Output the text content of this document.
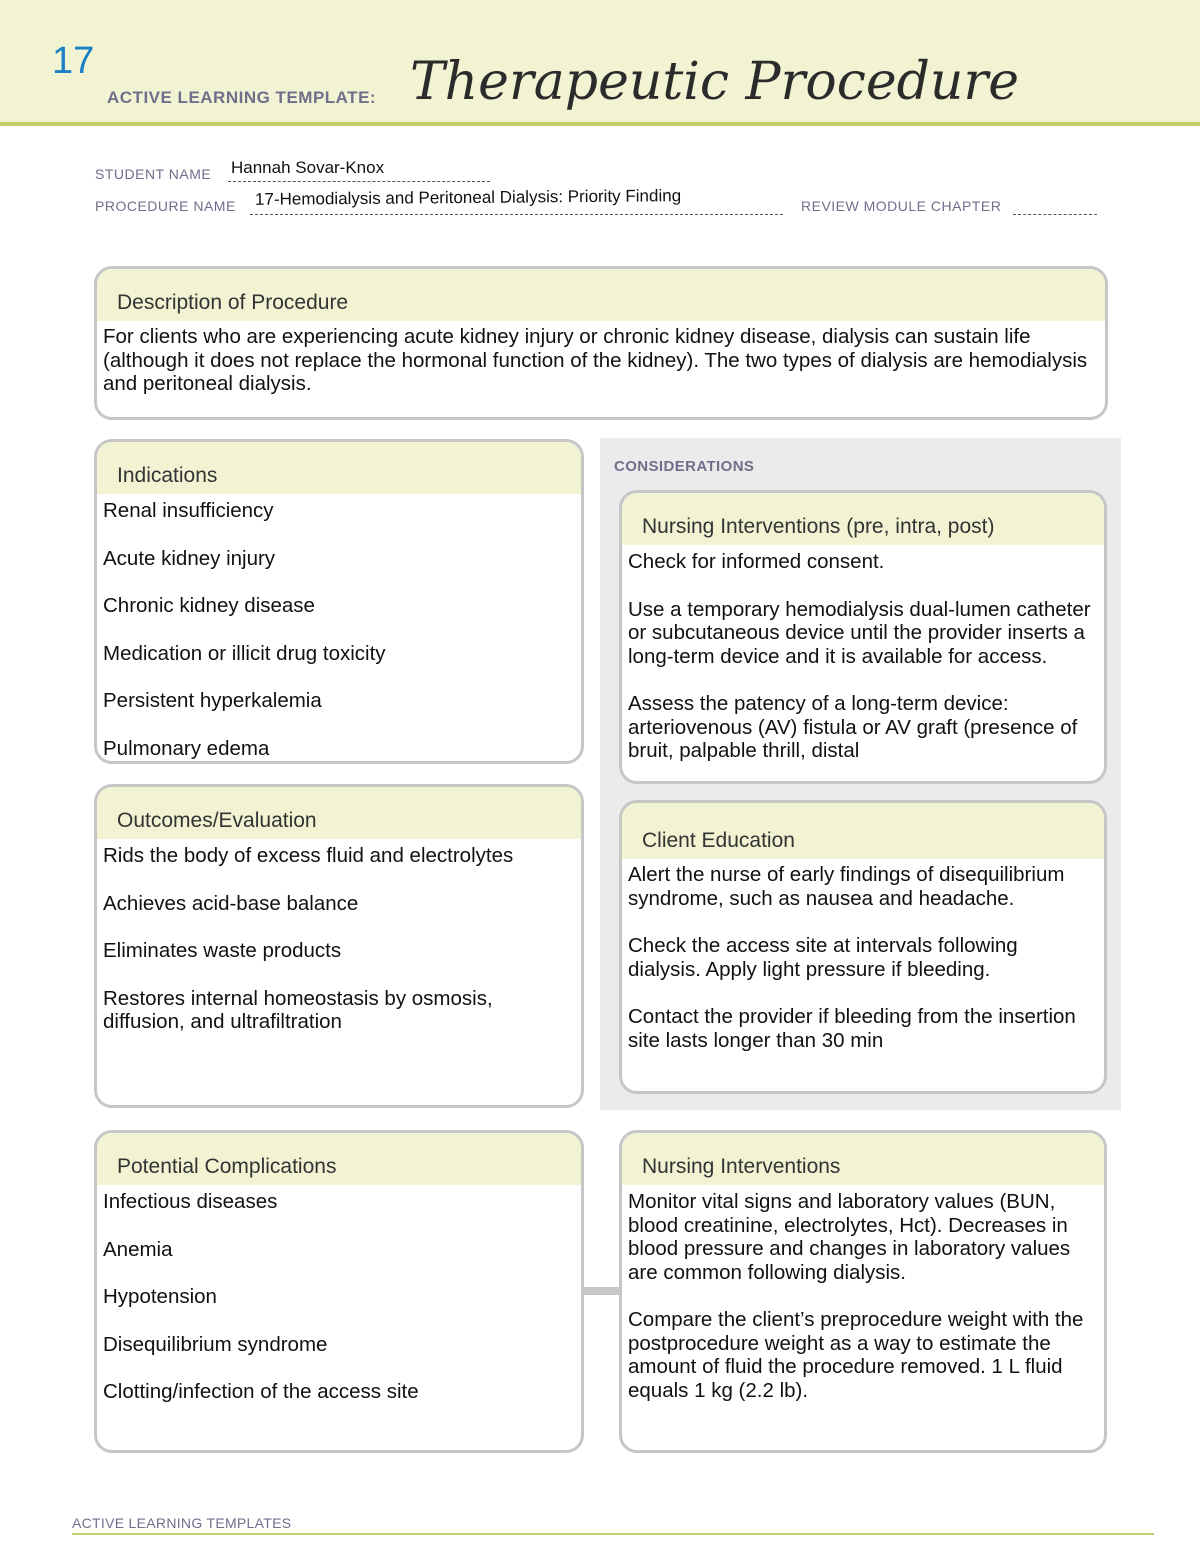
17
ACTIVE LEARNING TEMPLATE: Therapeutic Procedure
STUDENT NAME Hannah Sovar-Knox
PROCEDURE NAME 17-Hemodialysis and Peritoneal Dialysis: Priority Finding	REVIEW MODULE CHAPTER
Description of Procedure
For clients who are experiencing acute kidney injury or chronic kidney disease, dialysis can sustain life (although it does not replace the hormonal function of the kidney). The two types of dialysis are hemodialysis and peritoneal dialysis.
Indications

Renal insufficiency

Acute kidney injury

Chronic kidney disease

Medication or illicit drug toxicity

Persistent hyperkalemia

Pulmonary edema

CONSIDERATIONS
Nursing Interventions (pre, intra, post)

Check for informed consent.

Use a temporary hemodialysis dual-lumen catheter or subcutaneous device until the provider inserts a long-term device and it is available for access.

Assess the patency of a long-term device: arteriovenous (AV) fistula or AV graft (presence of bruit, palpable thrill, distal

Outcomes/Evaluation

Rids the body of excess fluid and electrolytes

Achieves acid-base balance

Eliminates waste products

Restores internal homeostasis by osmosis, diffusion, and ultrafiltration

Client Education

Alert the nurse of early findings of disequilibrium syndrome, such as nausea and headache.

Check the access site at intervals following dialysis. Apply light pressure if bleeding.

Contact the provider if bleeding from the insertion site lasts longer than 30 min

Potential Complications

Infectious diseases

Anemia

Hypotension

Disequilibrium syndrome

Clotting/infection of the access site

Nursing Interventions

Monitor vital signs and laboratory values (BUN, blood creatinine, electrolytes, Hct). Decreases in blood pressure and changes in laboratory values are common following dialysis.

Compare the client’s preprocedure weight with the postprocedure weight as a way to estimate the amount of fluid the procedure removed. 1 L fluid equals 1 kg (2.2 lb).

ACTIVE LEARNING TEMPLATES
